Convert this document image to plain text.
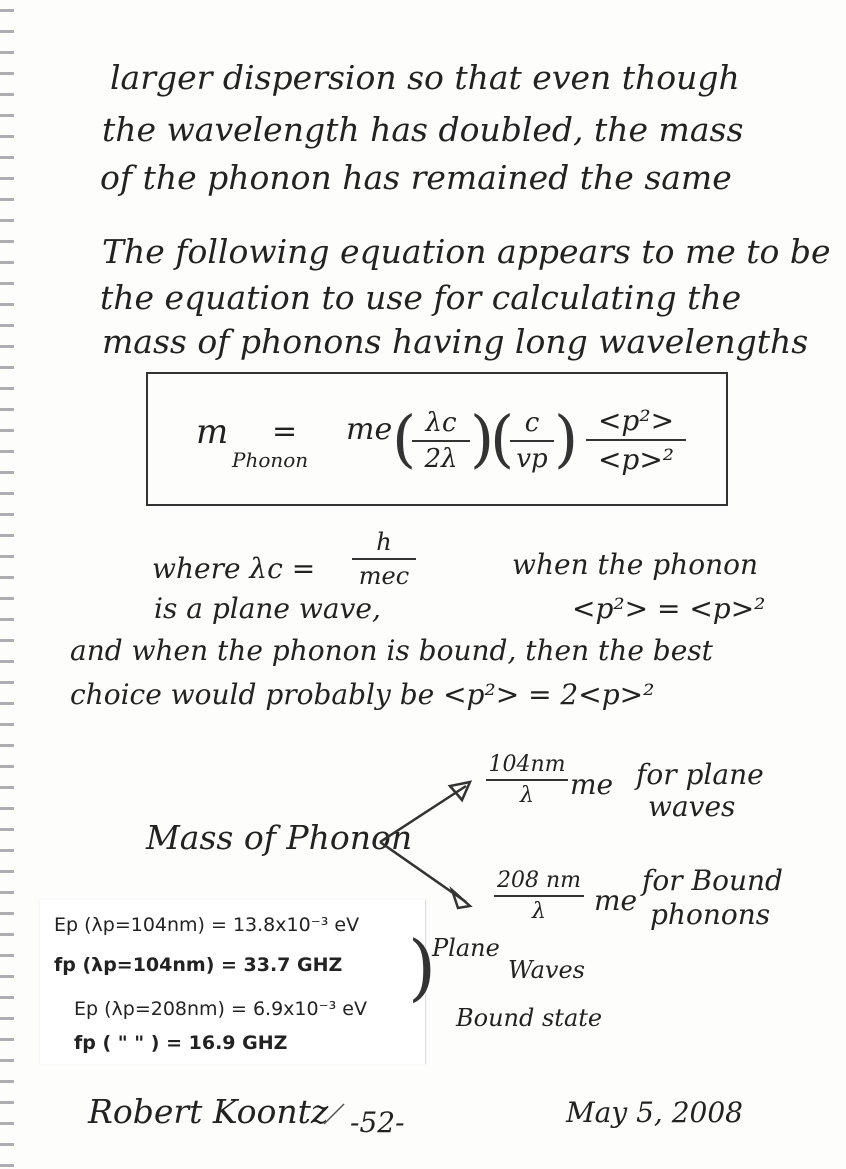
larger dispersion so that even though
the wavelength has doubled, the mass
of the phonon has remained the same
The following equation appears to me to be
the equation to use for calculating the
mass of phonons having long wavelengths
m
Phonon
= me ( λc
2λ )
( c
vp ) <p²>
<p>²
where λc =
h
mec	when the phonon
is a plane wave,	<p²> = <p>²
and when the phonon is bound, then the best
choice would probably be <p²> = 2<p>²
Mass of Phonon
104nm
λ	me for plane
waves
208 nm
λ	me
for Bound
phonons
Ep (λp=104nm) = 13.8x10⁻³ eV
fp (λp=104nm) = 33.7 GHZ
Ep (λp=208nm) = 6.9x10⁻³ eV
fp ( " " ) = 16.9 GHZ
)
Plane
Waves
Bound state
Robert Koontz -52-	May 5, 2008
